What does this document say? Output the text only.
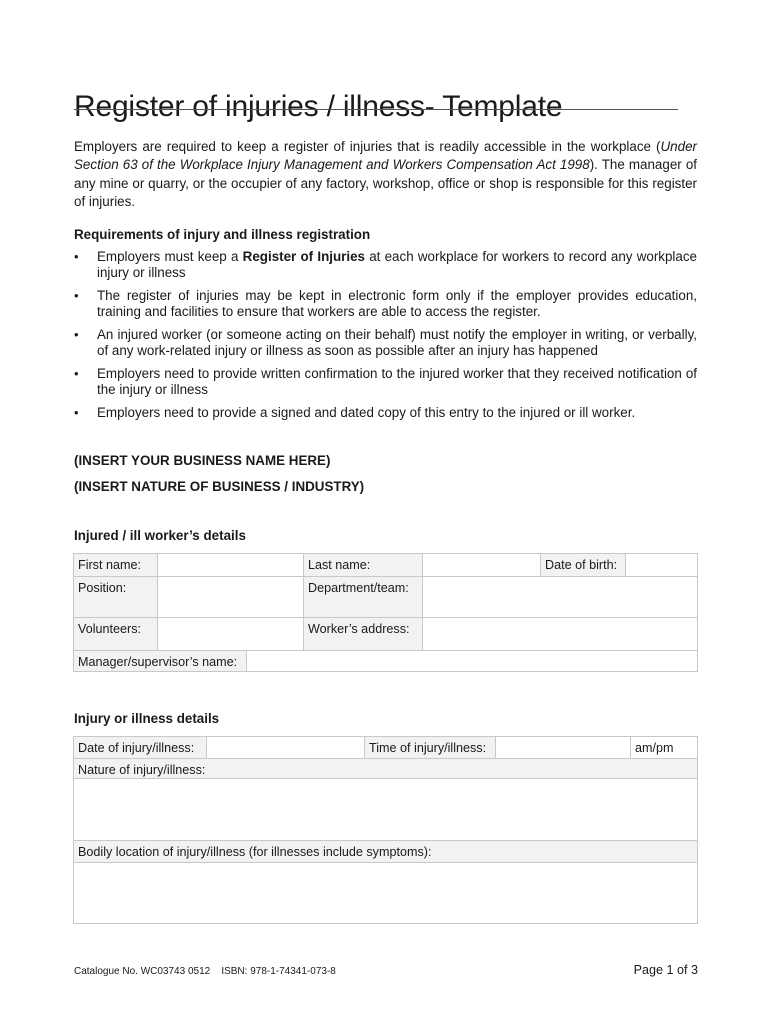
Register of injuries / illness- Template

Employers are required to keep a register of injuries that is readily accessible in the workplace (Under Section 63 of the Workplace Injury Management and Workers Compensation Act 1998). The manager of any mine or quarry, or the occupier of any factory, workshop, office or shop is responsible for this register of injuries.

Requirements of injury and illness registration

• Employers must keep a Register of Injuries at each workplace for workers to record any workplace injury or illness
• The register of injuries may be kept in electronic form only if the employer provides education, training and facilities to ensure that workers are able to access the register.
• An injured worker (or someone acting on their behalf) must notify the employer in writing, or verbally, of any work-related injury or illness as soon as possible after an injury has happened
• Employers need to provide written confirmation to the injured worker that they received notification of the injury or illness
• Employers need to provide a signed and dated copy of this entry to the injured or ill worker.

(INSERT YOUR BUSINESS NAME HERE)

(INSERT NATURE OF BUSINESS / INDUSTRY)

Injured / ill worker’s details

First name:	Last name:	Date of birth:
Position:	Department/team:
Volunteers:	Worker’s address:
Manager/supervisor’s name:

Injury or illness details

Date of injury/illness:	Time of injury/illness:	am/pm
Nature of injury/illness:
Bodily location of injury/illness (for illnesses include symptoms):

Catalogue No. WC03743 0512    ISBN: 978-1-74341-073-8	Page 1 of 3
